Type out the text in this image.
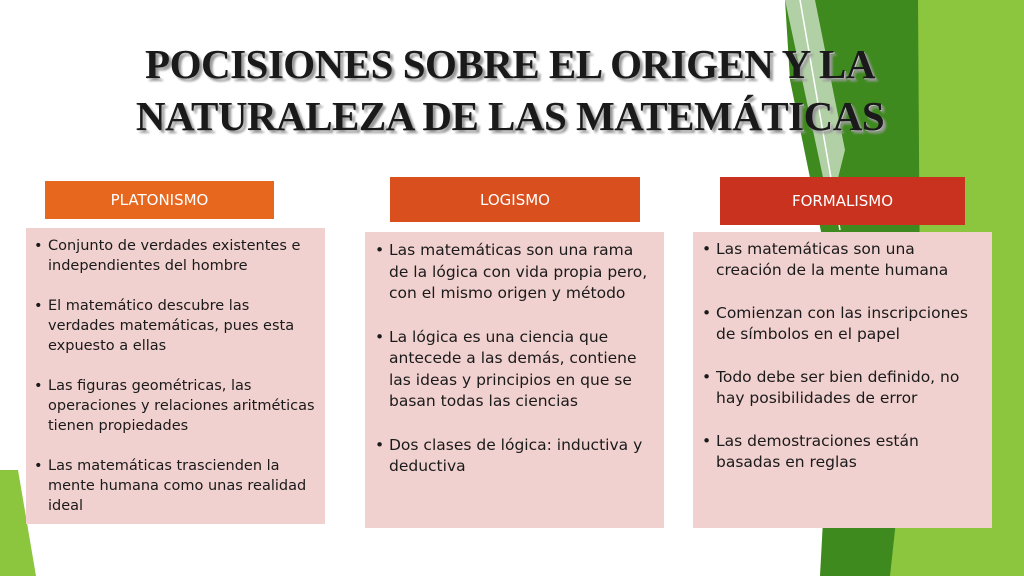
POCISIONES SOBRE EL ORIGEN Y LA
NATURALEZA DE LAS MATEMÁTICAS
PLATONISMO
• Conjunto de verdades existentes e independientes del hombre
• El matemático descubre las verdades matemáticas, pues esta expuesto a ellas
• Las figuras geométricas, las operaciones y relaciones aritméticas tienen propiedades
• Las matemáticas trascienden la mente humana como unas realidad ideal
LOGISMO
• Las matemáticas son una rama de la lógica con vida propia pero, con el mismo origen y método
• La lógica es una ciencia que antecede a las demás, contiene las ideas y principios en que se basan todas las ciencias
• Dos clases de lógica: inductiva y deductiva
FORMALISMO
• Las matemáticas son una creación de la mente humana
• Comienzan con las inscripciones de símbolos en el papel
• Todo debe ser bien definido, no hay posibilidades de error
• Las demostraciones están basadas en reglas
